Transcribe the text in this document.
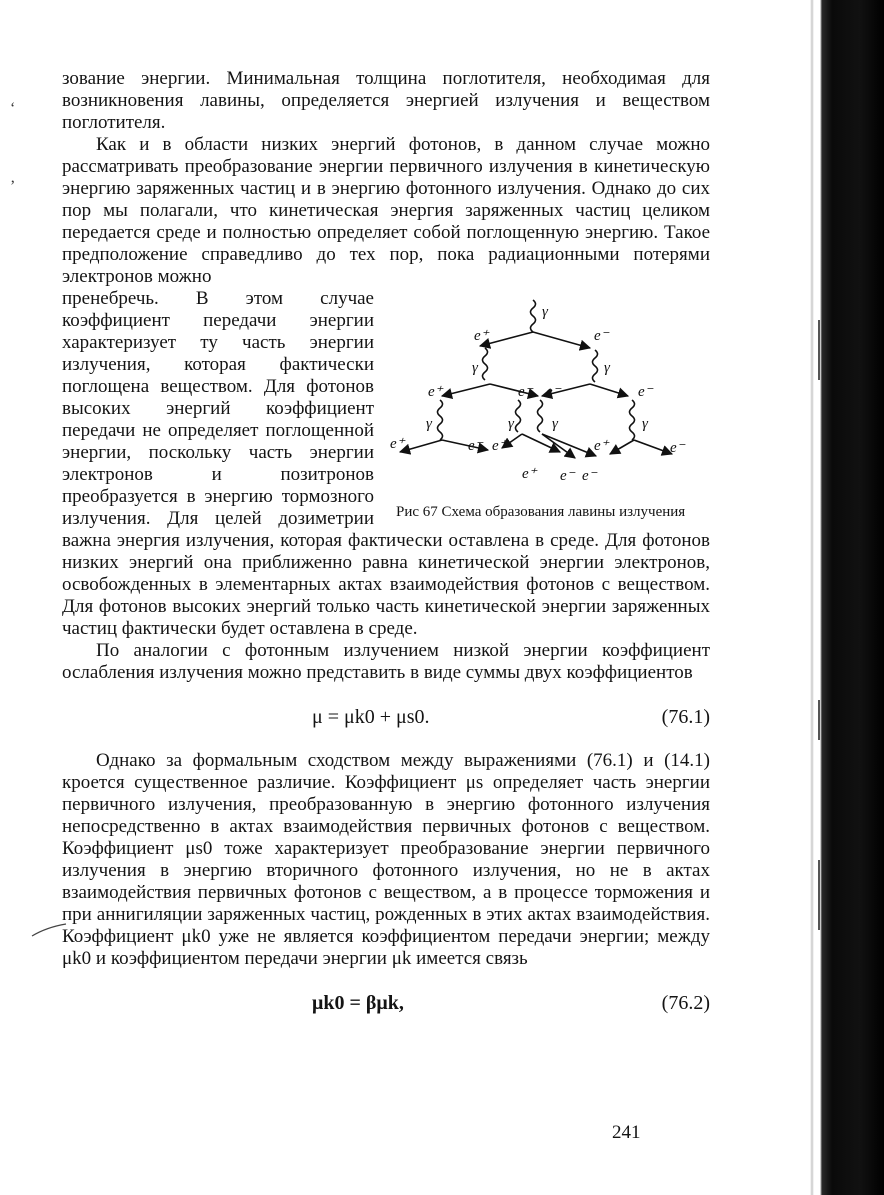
‘
’

зование энергии. Минимальная толщина поглотителя, необходимая для возникновения лавины, определяется энергией излучения и веществом поглотителя.

Как и в области низких энергий фотонов, в данном случае можно рассматривать преобразование энергии первичного излучения в кинетическую энергию заряженных частиц и в энергию фотонного излучения. Однако до сих пор мы полагали, что кинетическая энергия заряженных частиц целиком передается среде и полностью определяет собой поглощенную энергию. Такое предположение справедливо до тех пор, пока радиационными потерями электронов можно

γ
e⁺	e⁻
γ	γ
e⁺	e⁻ e⁻	e⁻
γ	γ	γ	γ
e⁺	e⁻ e⁺	e⁺	e⁻
e⁺ e⁻ e⁻
Рис 67 Схема образования лавины излучения

пренебречь. В этом случае коэффициент передачи энергии характеризует ту часть энергии излучения, которая фактически поглощена веществом. Для фотонов высоких энергий коэффициент передачи не определяет поглощенной энергии, поскольку часть энергии электронов и позитронов преобразуется в энергию тормозного излучения. Для целей дозиметрии важна энергия излучения, которая фактически оставлена в среде. Для фотонов низких энергий она приближенно равна кинетической энергии электронов, освобожденных в элементарных актах взаимодействия фотонов с веществом. Для фотонов высоких энергий только часть кинетической энергии заряженных частиц фактически будет оставлена в среде.

По аналогии с фотонным излучением низкой энергии коэффициент ослабления излучения можно представить в виде суммы двух коэффициентов

μ = μk0 + μs0.	(76.1)

Однако за формальным сходством между выражениями (76.1) и (14.1) кроется существенное различие. Коэффициент μs определяет часть энергии первичного излучения, преобразованную в энергию фотонного излучения непосредственно в актах взаимодействия первичных фотонов с веществом. Коэффициент μs0 тоже характеризует преобразование энергии первичного излучения в энергию вторичного фотонного излучения, но не в актах взаимодействия первичных фотонов с веществом, а в процессе торможения и при аннигиляции заряженных частиц, рожденных в этих актах взаимодействия. Коэффициент μk0 уже не является коэффициентом передачи энергии; между μk0 и коэффициентом передачи энергии μk имеется связь

μk0 = βμk,	(76.2)
241
